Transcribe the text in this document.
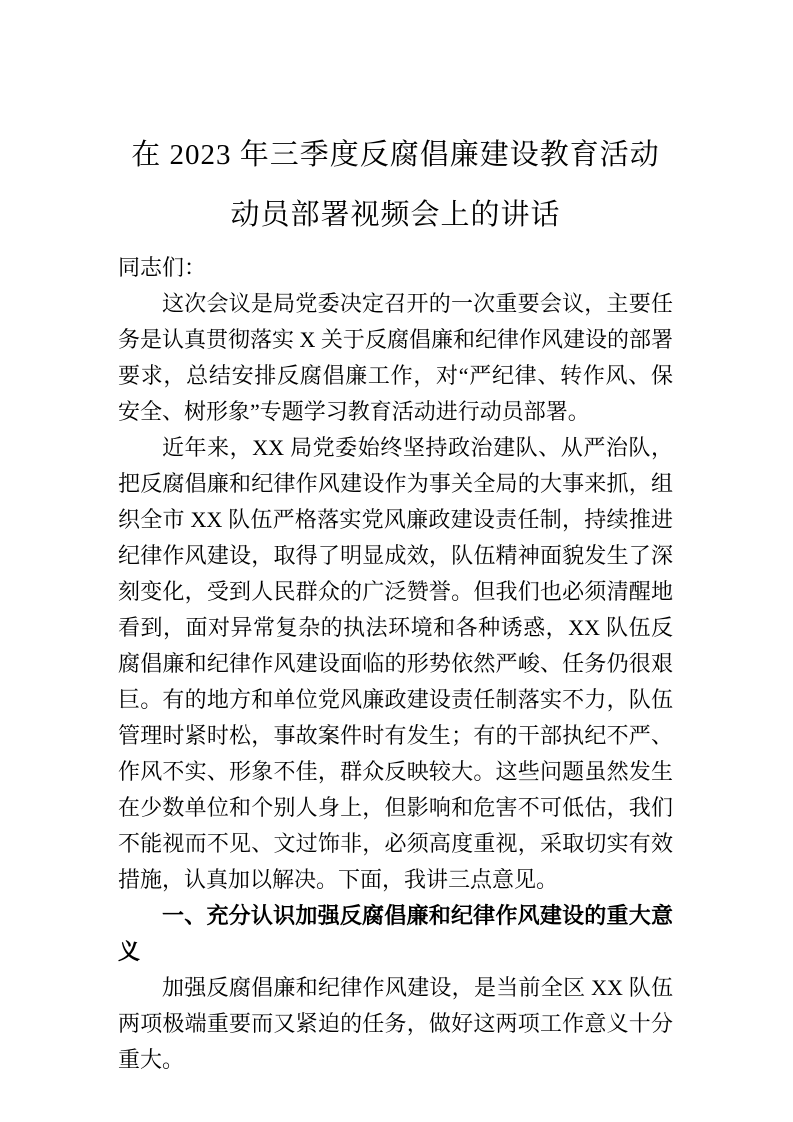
在 2023 年三季度反腐倡廉建设教育活动动员部署视频会上的讲话

同志们：

这次会议是局党委决定召开的一次重要会议，主要任务是认真贯彻落实 X 关于反腐倡廉和纪律作风建设的部署要求，总结安排反腐倡廉工作，对“严纪律、转作风、保安全、树形象”专题学习教育活动进行动员部署。

近年来，XX 局党委始终坚持政治建队、从严治队，把反腐倡廉和纪律作风建设作为事关全局的大事来抓，组织全市 XX 队伍严格落实党风廉政建设责任制，持续推进纪律作风建设，取得了明显成效，队伍精神面貌发生了深刻变化，受到人民群众的广泛赞誉。但我们也必须清醒地看到，面对异常复杂的执法环境和各种诱惑，XX 队伍反腐倡廉和纪律作风建设面临的形势依然严峻、任务仍很艰巨。有的地方和单位党风廉政建设责任制落实不力，队伍管理时紧时松，事故案件时有发生；有的干部执纪不严、作风不实、形象不佳，群众反映较大。这些问题虽然发生在少数单位和个别人身上，但影响和危害不可低估，我们不能视而不见、文过饰非，必须高度重视，采取切实有效措施，认真加以解决。下面，我讲三点意见。

一、充分认识加强反腐倡廉和纪律作风建设的重大意义

加强反腐倡廉和纪律作风建设，是当前全区 XX 队伍两项极端重要而又紧迫的任务，做好这两项工作意义十分重大。
